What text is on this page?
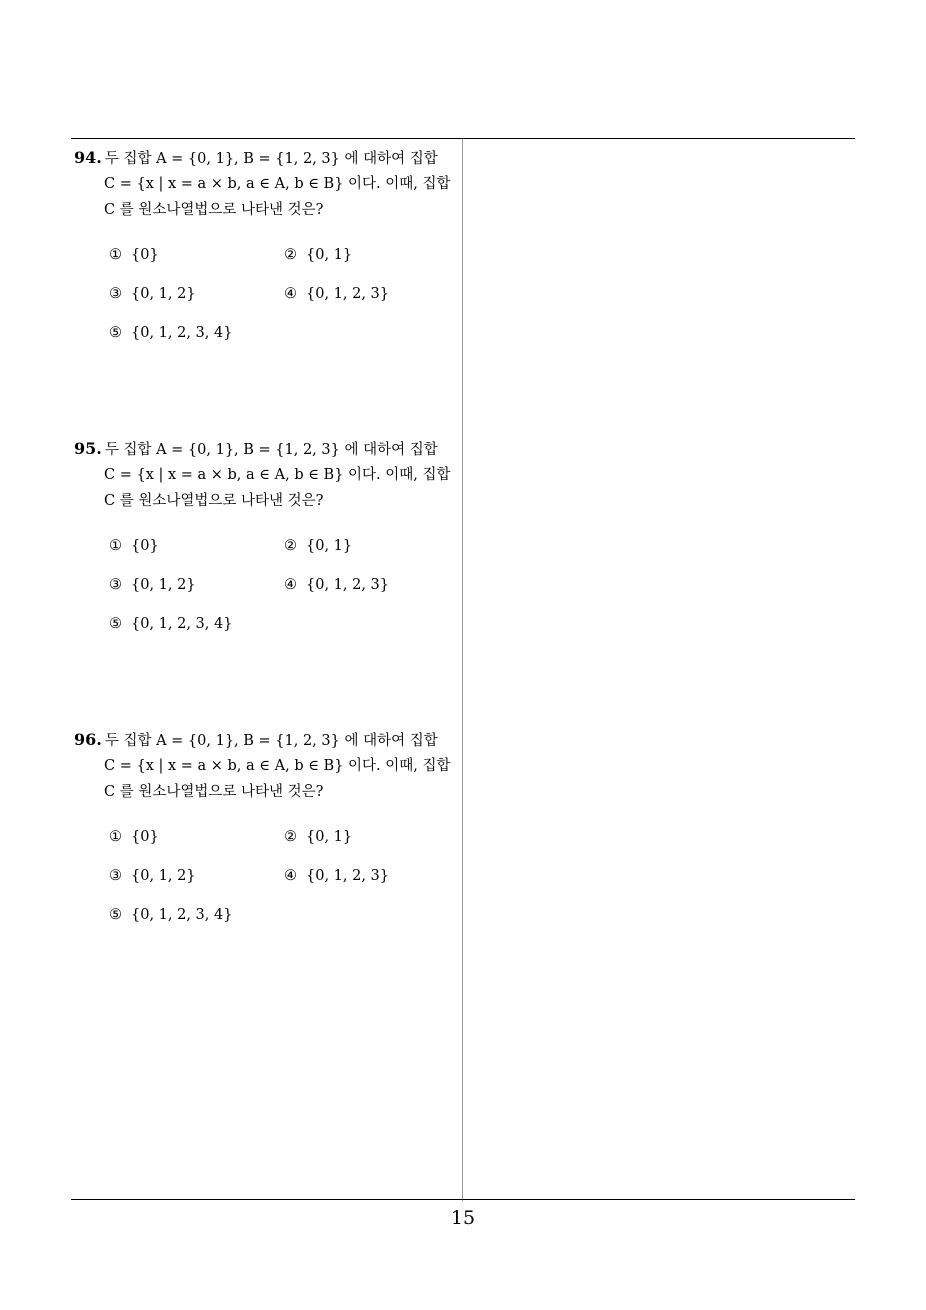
94. 두 집합 A = {0, 1}, B = {1, 2, 3} 에 대하여 집합
C = {x | x = a × b, a ∈ A, b ∈ B} 이다. 이때, 집합
C 를 원소나열법으로 나타낸 것은?
① {0}	② {0, 1}
③ {0, 1, 2}	④ {0, 1, 2, 3}
⑤ {0, 1, 2, 3, 4}
95. 두 집합 A = {0, 1}, B = {1, 2, 3} 에 대하여 집합
C = {x | x = a × b, a ∈ A, b ∈ B} 이다. 이때, 집합
C 를 원소나열법으로 나타낸 것은?
① {0}	② {0, 1}
③ {0, 1, 2}	④ {0, 1, 2, 3}
⑤ {0, 1, 2, 3, 4}
96. 두 집합 A = {0, 1}, B = {1, 2, 3} 에 대하여 집합
C = {x | x = a × b, a ∈ A, b ∈ B} 이다. 이때, 집합
C 를 원소나열법으로 나타낸 것은?
① {0}	② {0, 1}
③ {0, 1, 2}	④ {0, 1, 2, 3}
⑤ {0, 1, 2, 3, 4}
15
